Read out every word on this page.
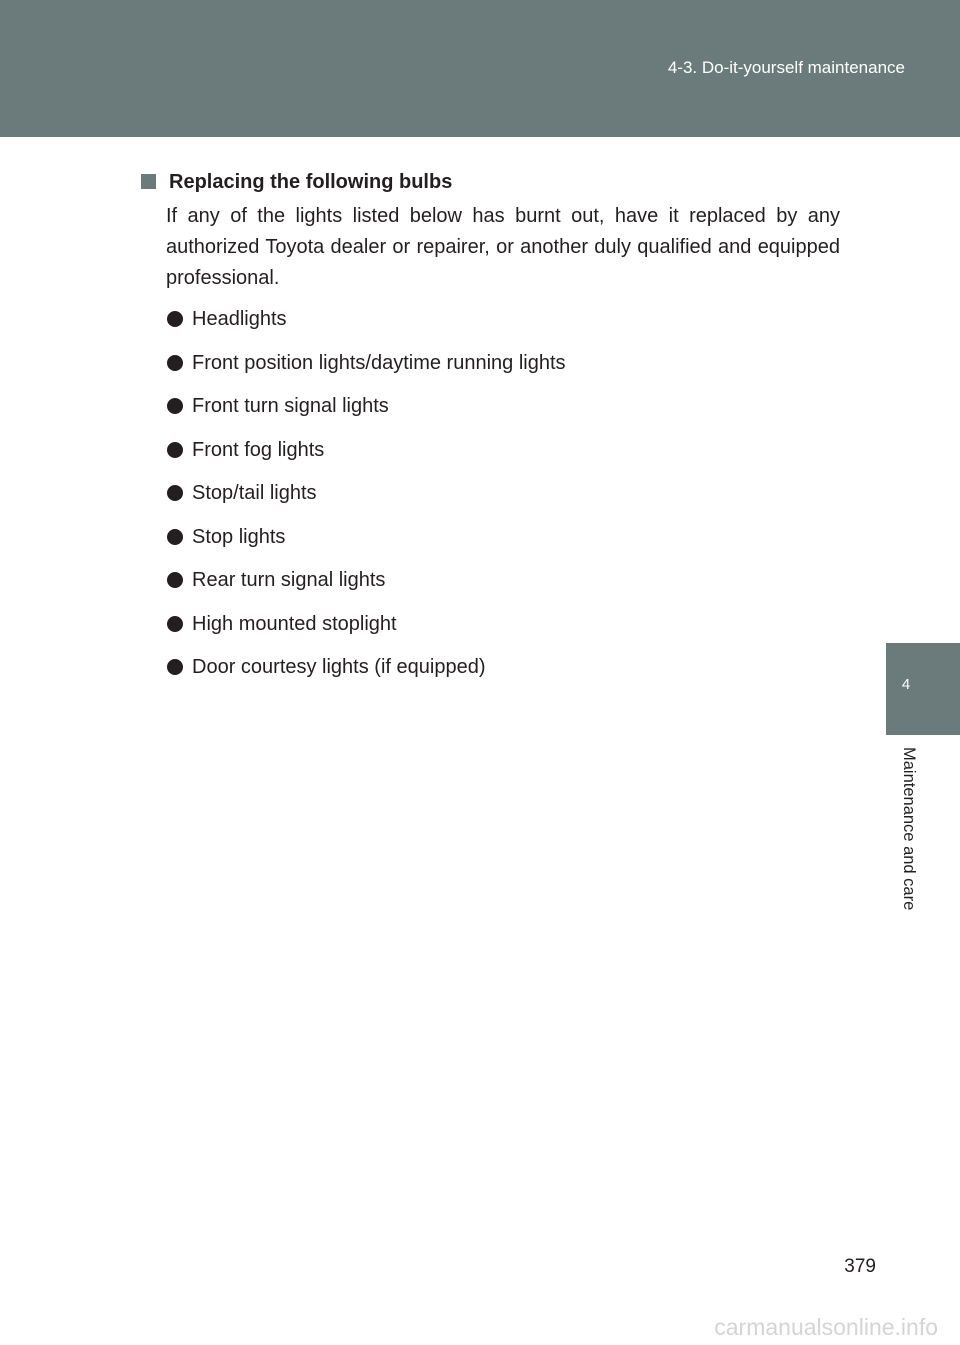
4-3. Do-it-yourself maintenance
4
Maintenance and care
Replacing the following bulbs

If any of the lights listed below has burnt out, have it replaced by any authorized Toyota dealer or repairer, or another duly qualified and equipped professional.

Headlights
Front position lights/daytime running lights
Front turn signal lights
Front fog lights
Stop/tail lights
Stop lights
Rear turn signal lights
High mounted stoplight
Door courtesy lights (if equipped)
379
carmanualsonline.info
